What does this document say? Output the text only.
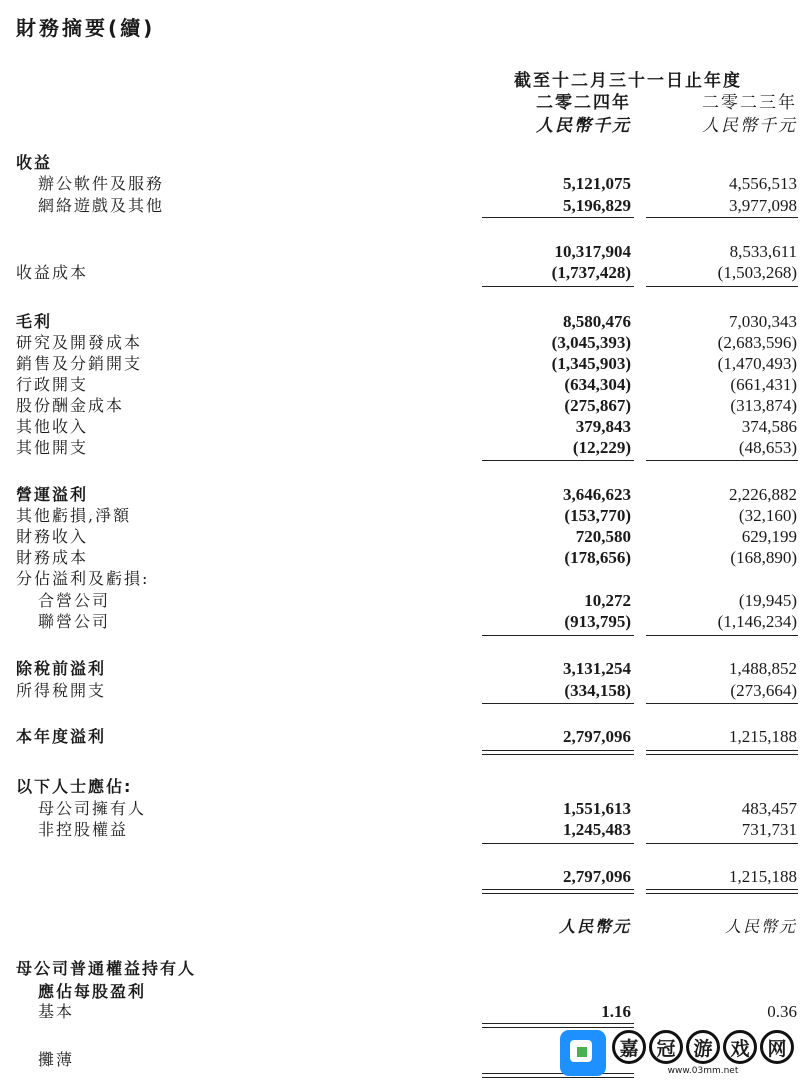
財務摘要(續)
截至十二月三十一日止年度
二零二四年	二零二三年
人民幣千元	人民幣千元
收益
辦公軟件及服務	5,121,075	4,556,513
網絡遊戲及其他	5,196,829	3,977,098
10,317,904	8,533,611
收益成本	(1,737,428)	(1,503,268)
毛利	8,580,476	7,030,343
研究及開發成本	(3,045,393)	(2,683,596)
銷售及分銷開支	(1,345,903)	(1,470,493)
行政開支	(634,304)	(661,431)
股份酬金成本	(275,867)	(313,874)
其他收入	379,843	374,586
其他開支	(12,229)	(48,653)
營運溢利	3,646,623	2,226,882
其他虧損,淨額	(153,770)	(32,160)
財務收入	720,580	629,199
財務成本	(178,656)	(168,890)
分佔溢利及虧損:
合營公司	10,272	(19,945)
聯營公司	(913,795)	(1,146,234)
除稅前溢利	3,131,254	1,488,852
所得稅開支	(334,158)	(273,664)
本年度溢利	2,797,096	1,215,188
以下人士應佔:
母公司擁有人	1,551,613	483,457
非控股權益	1,245,483	731,731
2,797,096	1,215,188
人民幣元	人民幣元
母公司普通權益持有人
應佔每股盈利
基本	1.16	0.36
攤薄	嘉 冠 游 戏 网
www.03mm.net
